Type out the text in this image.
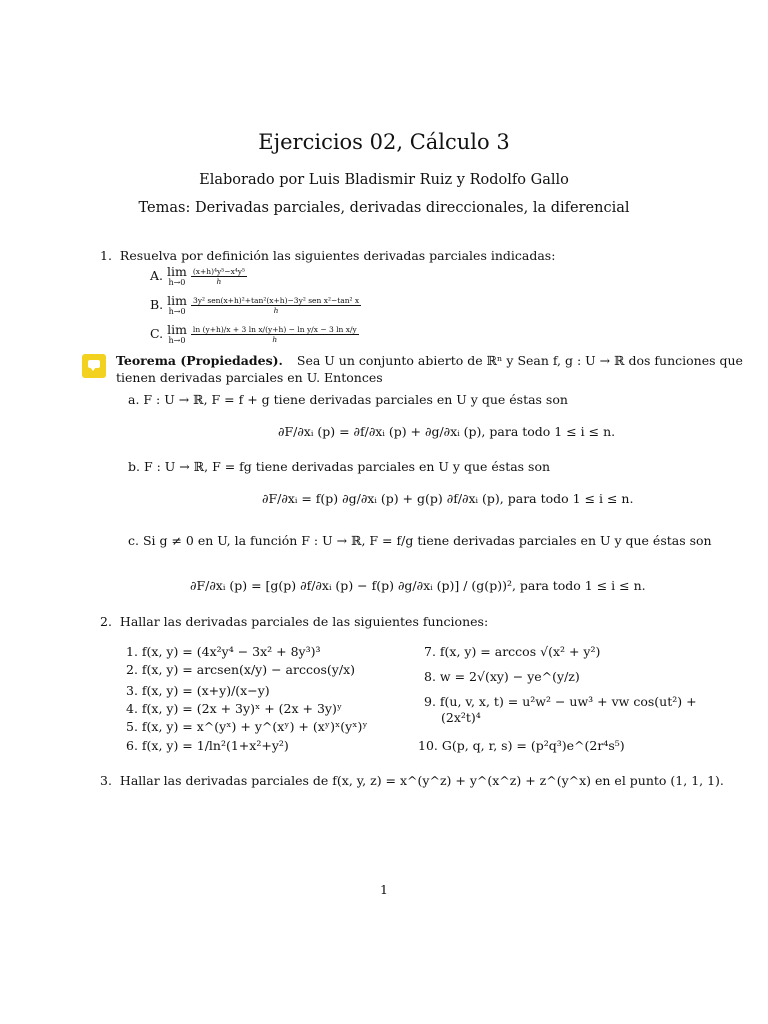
Ejercicios 02, Cálculo 3
Elaborado por Luis Bladismir Ruiz y Rodolfo Gallo
Temas: Derivadas parciales, derivadas direccionales, la diferencial
1. Resuelva por definición las siguientes derivadas parciales indicadas:
A. lim
h→0
$\frac{\text{(x+h)⁴y⁵−x⁴y⁵}}{h}$
B. lim
h→0
$\frac{\text{3y² sen(x+h)²+tan²(x+h)−3y² sen x²−tan² x}}{h}$
C. lim
h→0
$\frac{\text{ln (y+h)/x + 3 ln x/(y+h) − ln y/x − 3 ln x/y}}{h}$
Teorema (Propiedades). Sea U un conjunto abierto de ℝⁿ y Sean f, g : U → ℝ dos funciones que
tienen derivadas parciales en U. Entonces
a. F : U → ℝ, F = f + g tiene derivadas parciales en U y que éstas son
∂F/∂xᵢ (p) = ∂f/∂xᵢ (p) + ∂g/∂xᵢ (p), para todo 1 ≤ i ≤ n.
b. F : U → ℝ, F = fg tiene derivadas parciales en U y que éstas son
∂F/∂xᵢ = f(p) ∂g/∂xᵢ (p) + g(p) ∂f/∂xᵢ (p), para todo 1 ≤ i ≤ n.
c. Si g ≠ 0 en U, la función F : U → ℝ, F = f/g tiene derivadas parciales en U y que éstas son
∂F/∂xᵢ (p) = [g(p) ∂f/∂xᵢ (p) − f(p) ∂g/∂xᵢ (p)] / (g(p))², para todo 1 ≤ i ≤ n.
2. Hallar las derivadas parciales de las siguientes funciones:
1. f(x, y) = (4x²y⁴ − 3x² + 8y³)³
2. f(x, y) = arcsen(x/y) − arccos(y/x)
3. f(x, y) = (x+y)/(x−y)
4. f(x, y) = (2x + 3y)ˣ + (2x + 3y)ʸ
5. f(x, y) = x^(yˣ) + y^(xʸ) + (xʸ)ˣ(yˣ)ʸ
6. f(x, y) = 1/ln²(1+x²+y²)
7. f(x, y) = arccos √(x² + y²)
8. w = 2√(xy) − ye^(y/z)
9. f(u, v, x, t) = u²w² − uw³ + vw cos(ut²) +
(2x²t)⁴
10. G(p, q, r, s) = (p²q³)e^(2r⁴s⁵)
3. Hallar las derivadas parciales de f(x, y, z) = x^(y^z) + y^(x^z) + z^(y^x) en el punto (1, 1, 1).
1
